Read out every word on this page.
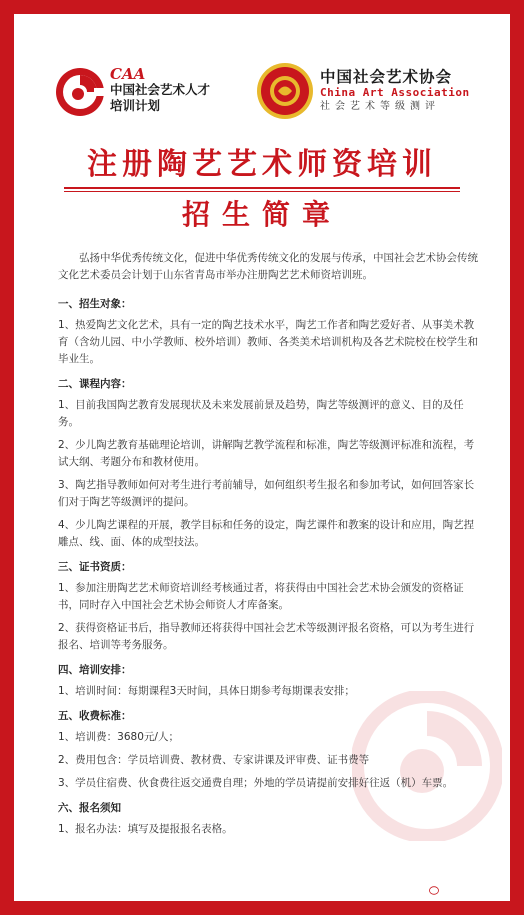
CAA
中国社会艺术人才
培训计划
中国社会艺术协会
China Art Association
社会艺术等级测评
注册陶艺艺术师资培训
招生简章

弘扬中华优秀传统文化，促进中华优秀传统文化的发展与传承，中国社会艺术协会传统文化艺术委员会计划于山东省青岛市举办注册陶艺艺术师资培训班。

一、招生对象：

1、热爱陶艺文化艺术，具有一定的陶艺技术水平，陶艺工作者和陶艺爱好者、从事美术教育（含幼儿园、中小学教师、校外培训）教师、各类美术培训机构及各艺术院校在校学生和毕业生。

二、课程内容：

1、目前我国陶艺教育发展现状及未来发展前景及趋势，陶艺等级测评的意义、目的及任务。

2、少儿陶艺教育基础理论培训，讲解陶艺教学流程和标准，陶艺等级测评标准和流程，考试大纲、考题分布和教材使用。

3、陶艺指导教师如何对考生进行考前辅导，如何组织考生报名和参加考试，如何回答家长们对于陶艺等级测评的提问。

4、少儿陶艺课程的开展，教学目标和任务的设定，陶艺课件和教案的设计和应用，陶艺捏雕点、线、面、体的成型技法。

三、证书资质：

1、参加注册陶艺艺术师资培训经考核通过者，将获得由中国社会艺术协会颁发的资格证书，同时存入中国社会艺术协会师资人才库备案。

2、获得资格证书后，指导教师还将获得中国社会艺术等级测评报名资格，可以为考生进行报名、培训等考务服务。

四、培训安排：

1、培训时间：每期课程3天时间，具体日期参考每期课表安排；

五、收费标准：

1、培训费：3680元/人；

2、费用包含：学员培训费、教材费、专家讲课及评审费、证书费等

3、学员住宿费、伙食费往返交通费自理；外地的学员请提前安排好往返（机）车票。

六、报名须知

1、报名办法：填写及提报报名表格。

陶艺艺术考级
